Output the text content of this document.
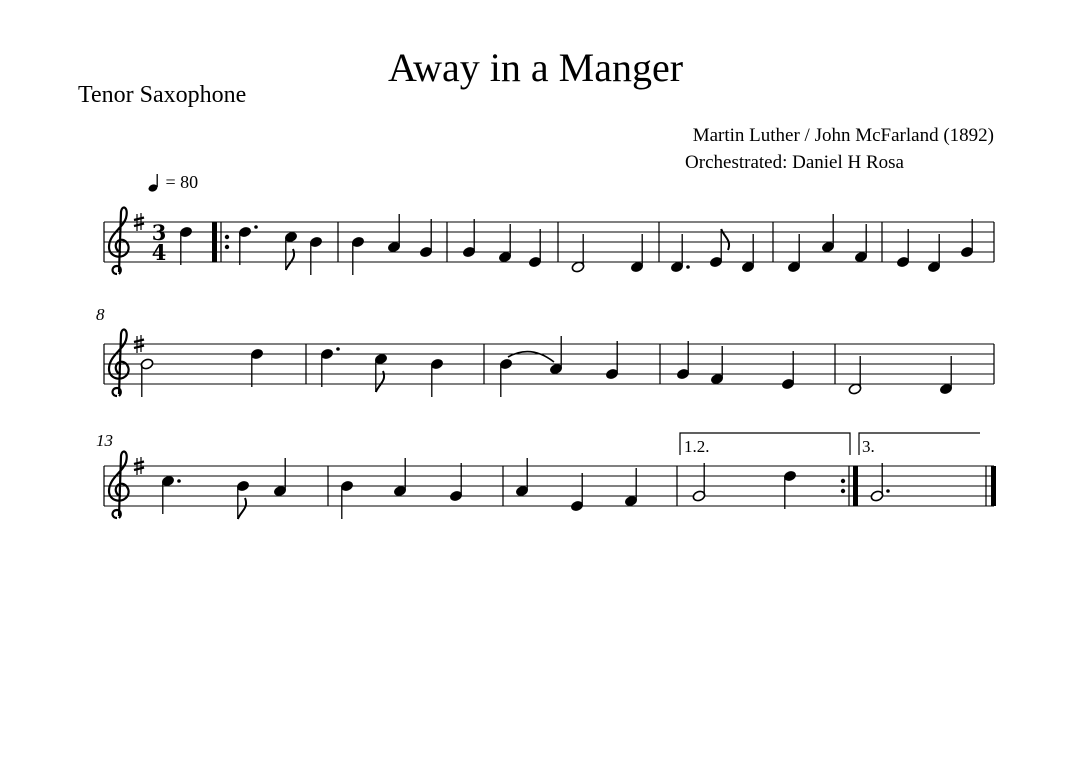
Away in a Manger
Tenor Saxophone
Martin Luther / John McFarland (1892)
Orchestrated: Daniel H Rosa
= 80
8
13	1.2.	3.
3
4
